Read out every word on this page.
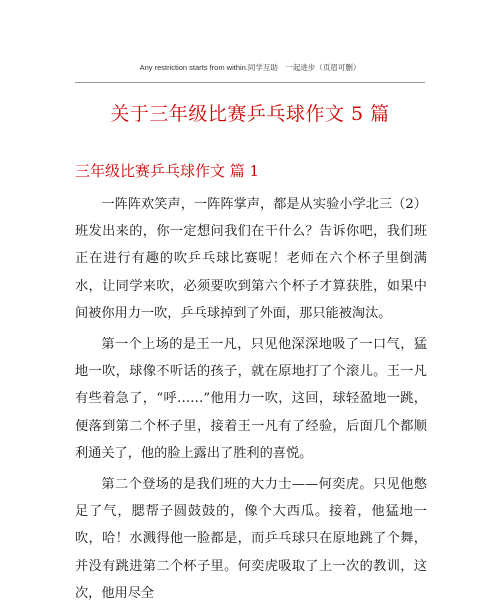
Any restriction starts from within.同学互助　一起进步（页眉可删）
关于三年级比赛乒乓球作文 5 篇
三年级比赛乒乓球作文 篇 1

一阵阵欢笑声，一阵阵掌声，都是从实验小学北三（2）班发出来的，你一定想问我们在干什么？告诉你吧，我们班正在进行有趣的吹乒乓球比赛呢！老师在六个杯子里倒满水，让同学来吹，必须要吹到第六个杯子才算获胜，如果中间被你用力一吹，乒乓球掉到了外面，那只能被淘汰。

第一个上场的是王一凡，只见他深深地吸了一口气，猛地一吹，球像不听话的孩子，就在原地打了个滚儿。王一凡有些着急了，“呼……”他用力一吹，这回，球轻盈地一跳，便落到第二个杯子里，接着王一凡有了经验，后面几个都顺利通关了，他的脸上露出了胜利的喜悦。

第二个登场的是我们班的大力士——何奕虎。只见他憋足了气，腮帮子圆鼓鼓的，像个大西瓜。接着，他猛地一吹，哈！水溅得他一脸都是，而乒乓球只在原地跳了个舞，并没有跳进第二个杯子里。何奕虎吸取了上一次的教训，这次，他用尽全
